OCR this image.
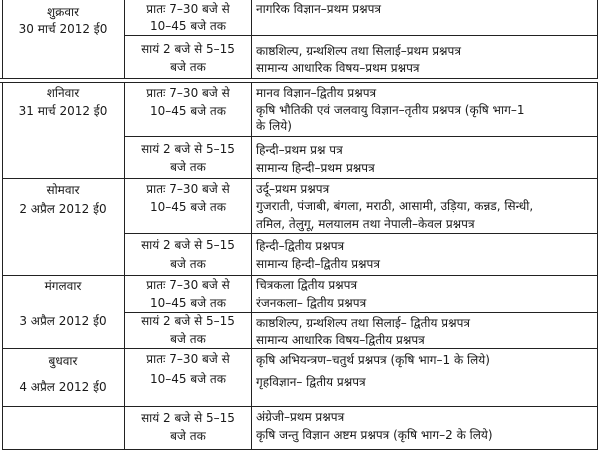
शुक्रवार
30 मार्च 2012 ई0
प्रातः 7–30 बजे से
10–45 बजे तक
सायं 2 बजे से 5–15
बजे तक
नागरिक विज्ञान–प्रथम प्रश्नपत्र
काष्ठशिल्प, ग्रन्थशिल्प तथा सिलाई–प्रथम प्रश्नपत्र
सामान्य आधारिक विषय–प्रथम प्रश्नपत्र
शनिवार
31 मार्च 2012 ई0
प्रातः 7–30 बजे से
10–45 बजे तक
सायं 2 बजे से 5–15
बजे तक
मानव विज्ञान–द्वितीय प्रश्नपत्र
कृषि भौतिकी एवं जलवायु विज्ञान–तृतीय प्रश्नपत्र (कृषि भाग–1
के लिये)
हिन्दी–प्रथम प्रश्न पत्र
सामान्य हिन्दी–प्रथम प्रश्नपत्र
सोमवार
2 अप्रैल 2012 ई0
प्रातः 7–30 बजे से
10–45 बजे तक
सायं 2 बजे से 5–15
बजे तक
उर्दू–प्रथम प्रश्नपत्र
गुजराती, पंजाबी, बंगला, मराठी, आसामी, उड़िया, कन्नड, सिन्धी,
तमिल, तेलुगू, मलयालम तथा नेपाली–केवल प्रश्नपत्र
हिन्दी–द्वितीय प्रश्नपत्र
सामान्य हिन्दी–द्वितीय प्रश्नपत्र
मंगलवार
3 अप्रैल 2012 ई0
प्रातः 7–30 बजे से
10–45 बजे तक
सायं 2 बजे से 5–15
बजे तक
चित्रकला द्वितीय प्रश्नपत्र
रंजनकला– द्वितीय प्रश्नपत्र
काष्ठशिल्प, ग्रन्थशिल्प तथा सिलाई– द्वितीय प्रश्नपत्र
सामान्य आधारिक विषय–द्वितीय प्रश्नपत्र
बुधवार
4 अप्रैल 2012 ई0
प्रातः 7–30 बजे से
10–45 बजे तक
कृषि अभियन्त्रण–चतुर्थ प्रश्नपत्र (कृषि भाग–1 के लिये)
गृहविज्ञान– द्वितीय प्रश्नपत्र
सायं 2 बजे से 5–15
बजे तक
अंग्रेजी–प्रथम प्रश्नपत्र
कृषि जन्तु विज्ञान अष्टम प्रश्नपत्र (कृषि भाग–2 के लिये)
